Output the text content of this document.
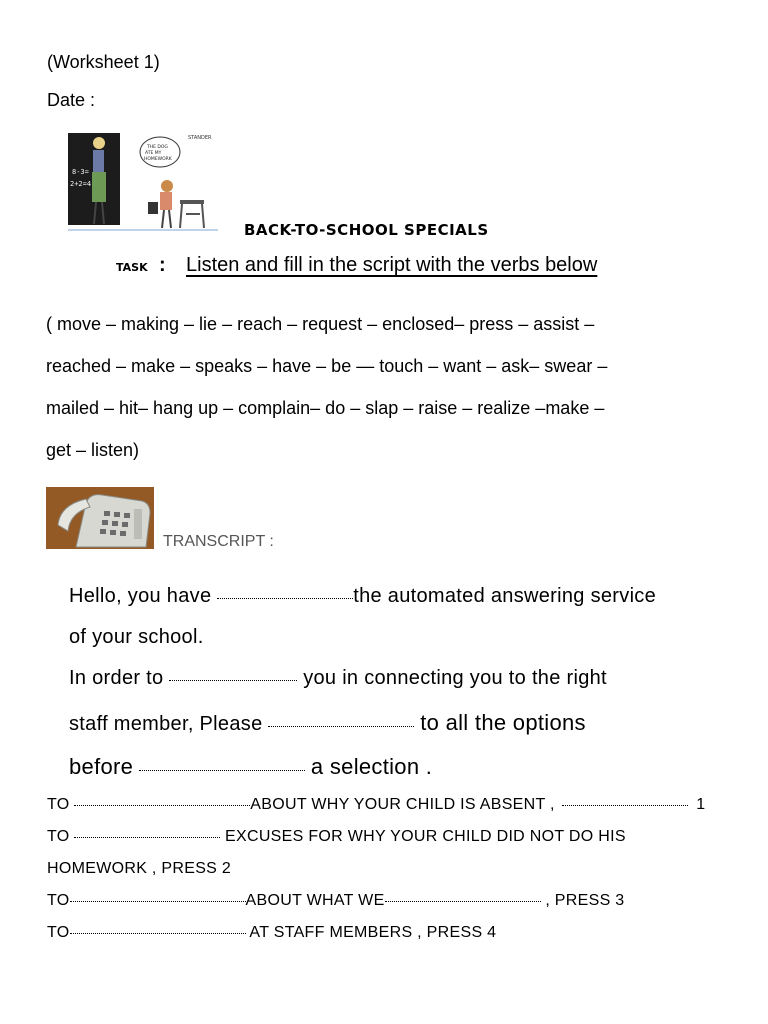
(Worksheet 1)
Date :
8-3=
2+2=4
THE DOG
ATE MY
HOMEWORK
STANDER
BACK-TO-SCHOOL SPECIALS
TASK : Listen and fill in the script with the verbs below
( move – making – lie – reach – request – enclosed– press – assist –
reached – make – speaks – have – be — touch – want – ask– swear –
mailed – hit– hang up – complain– do – slap – raise – realize –make –
get – listen)
TRANSCRIPT :
Hello, you have	the automated answering service
of your school.
In order to	you in connecting you to the right
staff member, Please	to all the options
before	a selection .
TO	ABOUT WHY YOUR CHILD IS ABSENT ,	1
TO	EXCUSES FOR WHY YOUR CHILD DID NOT DO HIS
HOMEWORK , PRESS 2
TO	ABOUT WHAT WE	, PRESS 3
TO	AT STAFF MEMBERS , PRESS 4
